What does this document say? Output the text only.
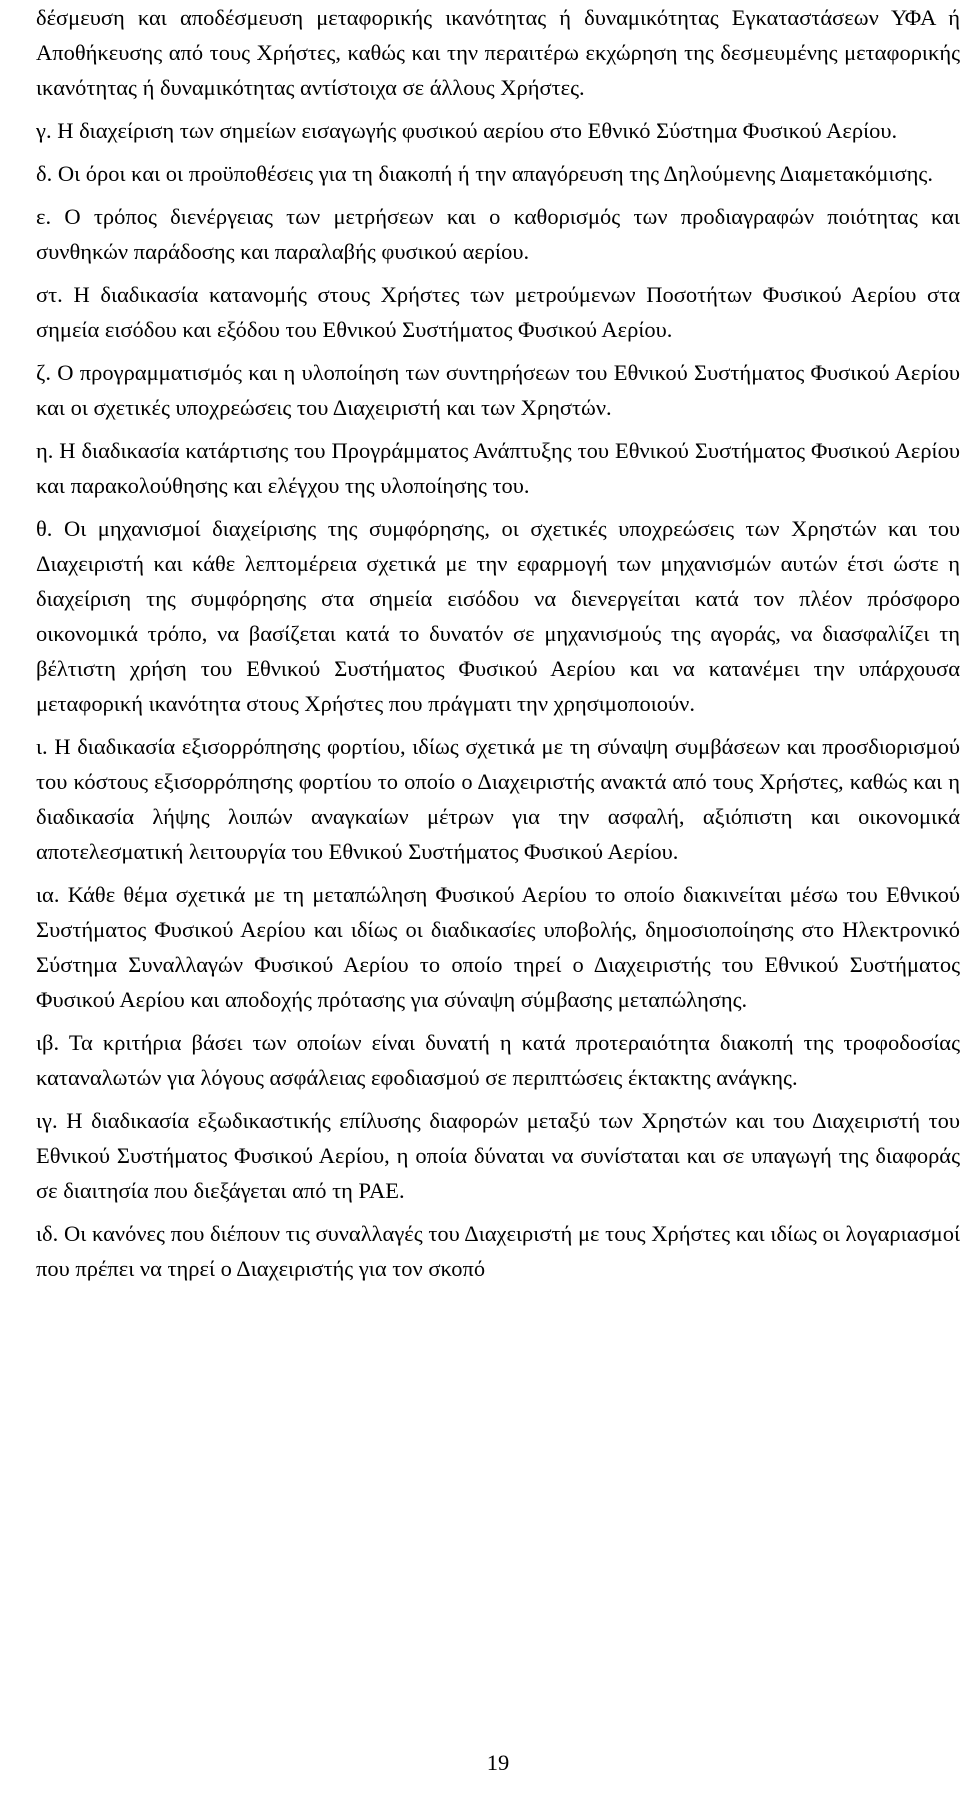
δέσμευση και αποδέσμευση μεταφορικής ικανότητας ή δυναμικότητας Εγκαταστάσεων ΥΦΑ ή Αποθήκευσης από τους Χρήστες, καθώς και την περαιτέρω εκχώρηση της δεσμευμένης μεταφορικής ικανότητας ή δυναμικότητας αντίστοιχα σε άλλους Χρήστες.

γ. Η διαχείριση των σημείων εισαγωγής φυσικού αερίου στο Εθνικό Σύστημα Φυσικού Αερίου.

δ. Οι όροι και οι προϋποθέσεις για τη διακοπή ή την απαγόρευση της Δηλούμενης Διαμετακόμισης.

ε. Ο τρόπος διενέργειας των μετρήσεων και ο καθορισμός των προδιαγραφών ποιότητας και συνθηκών παράδοσης και παραλαβής φυσικού αερίου.

στ. Η διαδικασία κατανομής στους Χρήστες των μετρούμενων Ποσοτήτων Φυσικού Αερίου στα σημεία εισόδου και εξόδου του Εθνικού Συστήματος Φυσικού Αερίου.

ζ. Ο προγραμματισμός και η υλοποίηση των συντηρήσεων του Εθνικού Συστήματος Φυσικού Αερίου και οι σχετικές υποχρεώσεις του Διαχειριστή και των Χρηστών.

η. Η διαδικασία κατάρτισης του Προγράμματος Ανάπτυξης του Εθνικού Συστήματος Φυσικού Αερίου και παρακολούθησης και ελέγχου της υλοποίησης του.

θ. Οι μηχανισμοί διαχείρισης της συμφόρησης, οι σχετικές υποχρεώσεις των Χρηστών και του Διαχειριστή και κάθε λεπτομέρεια σχετικά με την εφαρμογή των μηχανισμών αυτών έτσι ώστε η διαχείριση της συμφόρησης στα σημεία εισόδου να διενεργείται κατά τον πλέον πρόσφορο οικονομικά τρόπο, να βασίζεται κατά το δυνατόν σε μηχανισμούς της αγοράς, να διασφαλίζει τη βέλτιστη χρήση του Εθνικού Συστήματος Φυσικού Αερίου και να κατανέμει την υπάρχουσα μεταφορική ικανότητα στους Χρήστες που πράγματι την χρησιμοποιούν.

ι. Η διαδικασία εξισορρόπησης φορτίου, ιδίως σχετικά με τη σύναψη συμβάσεων και προσδιορισμού του κόστους εξισορρόπησης φορτίου το οποίο ο Διαχειριστής ανακτά από τους Χρήστες, καθώς και η διαδικασία λήψης λοιπών αναγκαίων μέτρων για την ασφαλή, αξιόπιστη και οικονομικά αποτελεσματική λειτουργία του Εθνικού Συστήματος Φυσικού Αερίου.

ια. Κάθε θέμα σχετικά με τη μεταπώληση Φυσικού Αερίου το οποίο διακινείται μέσω του Εθνικού Συστήματος Φυσικού Αερίου και ιδίως οι διαδικασίες υποβολής, δημοσιοποίησης στο Ηλεκτρονικό Σύστημα Συναλλαγών Φυσικού Αερίου το οποίο τηρεί ο Διαχειριστής του Εθνικού Συστήματος Φυσικού Αερίου και αποδοχής πρότασης για σύναψη σύμβασης μεταπώλησης.

ιβ. Τα κριτήρια βάσει των οποίων είναι δυνατή η κατά προτεραιότητα διακοπή της τροφοδοσίας καταναλωτών για λόγους ασφάλειας εφοδιασμού σε περιπτώσεις έκτακτης ανάγκης.

ιγ. Η διαδικασία εξωδικαστικής επίλυσης διαφορών μεταξύ των Χρηστών και του Διαχειριστή του Εθνικού Συστήματος Φυσικού Αερίου, η οποία δύναται να συνίσταται και σε υπαγωγή της διαφοράς σε διαιτησία που διεξάγεται από τη ΡΑΕ.

ιδ. Οι κανόνες που διέπουν τις συναλλαγές του Διαχειριστή με τους Χρήστες και ιδίως οι λογαριασμοί που πρέπει να τηρεί ο Διαχειριστής για τον σκοπό

19
